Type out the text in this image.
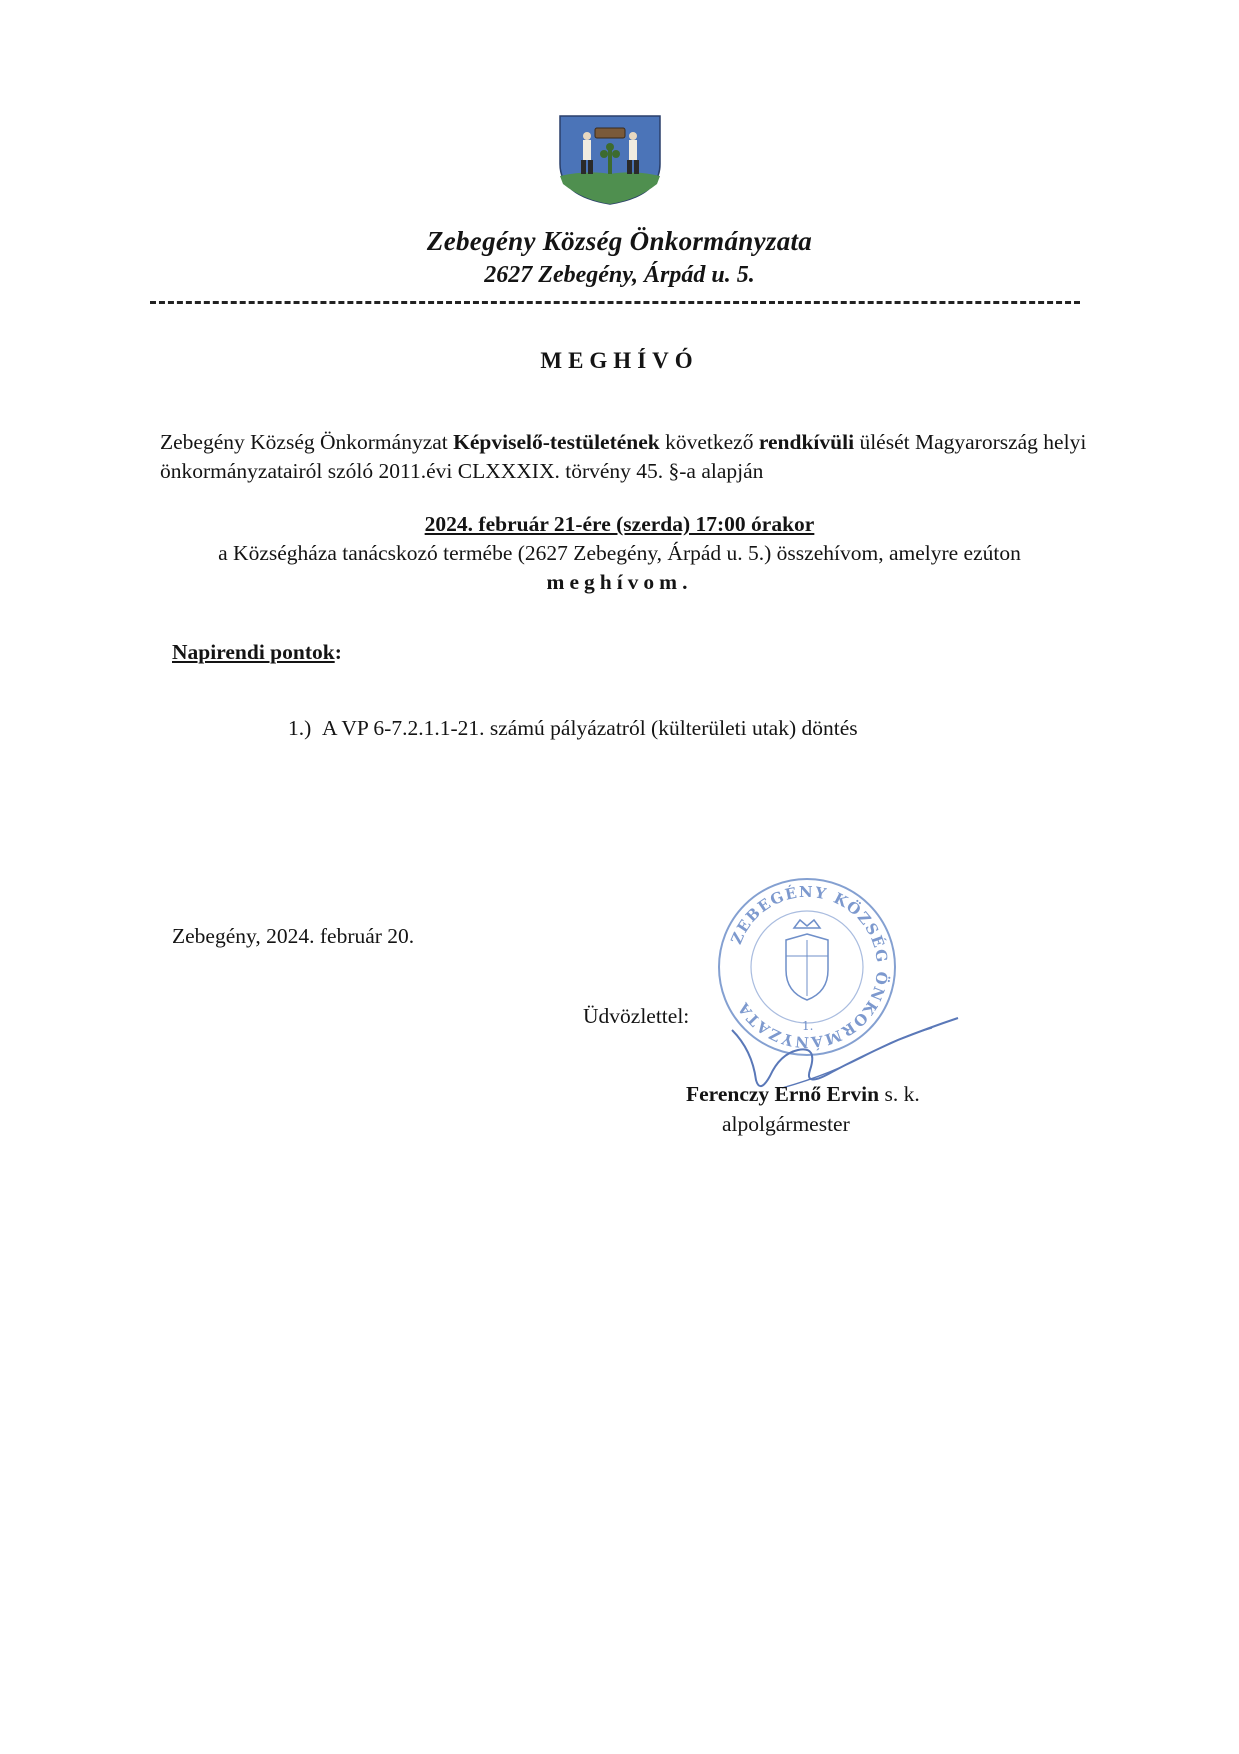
Zebegény Község Önkormányzata
2627 Zebegény, Árpád u. 5.
MEGHÍVÓ
Zebegény Község Önkormányzat Képviselő-testületének következő rendkívüli ülését Magyarország helyi önkormányzatairól szóló 2011.évi CLXXXIX. törvény 45. §-a alapján
2024. február 21-ére (szerda) 17:00 órakor
a Községháza tanácskozó termébe (2627 Zebegény, Árpád u. 5.) összehívom, amelyre ezúton
meghívom.
Napirendi pontok:
1.) A VP 6-7.2.1.1-21. számú pályázatról (külterületi utak) döntés
Zebegény, 2024. február 20.
Üdvözlettel:
ZEBEGÉNY KÖZSÉG ÖNKORMÁNYZATA
1.
Ferenczy Ernő Ervin s. k.
alpolgármester
